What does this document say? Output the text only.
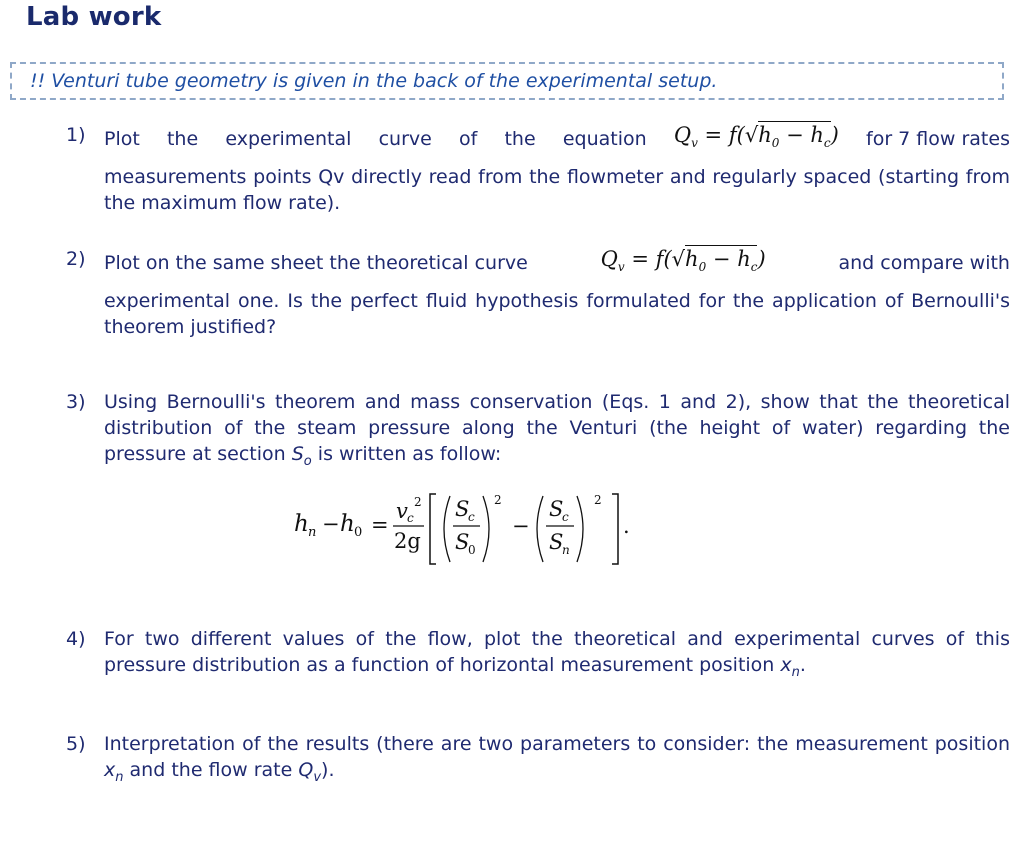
Lab work
!! Venturi tube geometry is given in the back of the experimental setup.
1) Plot the experimental curve of the equation $Q_v = f(√h_0 - h_c)$ for 7 flow rates
measurements points Qv directly read from the flowmeter and regularly spaced (starting from the maximum flow rate).
2) Plot on the same sheet the theoretical curve	$Q_v = f(√h_0 - h_c)$	and compare with
experimental one. Is the perfect fluid hypothesis formulated for the application of Bernoulli's theorem justified?
3) Using Bernoulli's theorem and mass conservation (Eqs. 1 and 2), show that the theoretical distribution of the steam pressure along the Venturi (the height of water) regarding the pressure at section $S_o$ is written as follow:
h n − h 0 =
v c
2
2g
S
c
S
0
2
−
S
c
S
n
2
.
4) For two different values of the flow, plot the theoretical and experimental curves of this pressure distribution as a function of horizontal measurement position $x_n$.
5) Interpretation of the results (there are two parameters to consider: the measurement position $x_n$ and the flow rate $Q_v$).
